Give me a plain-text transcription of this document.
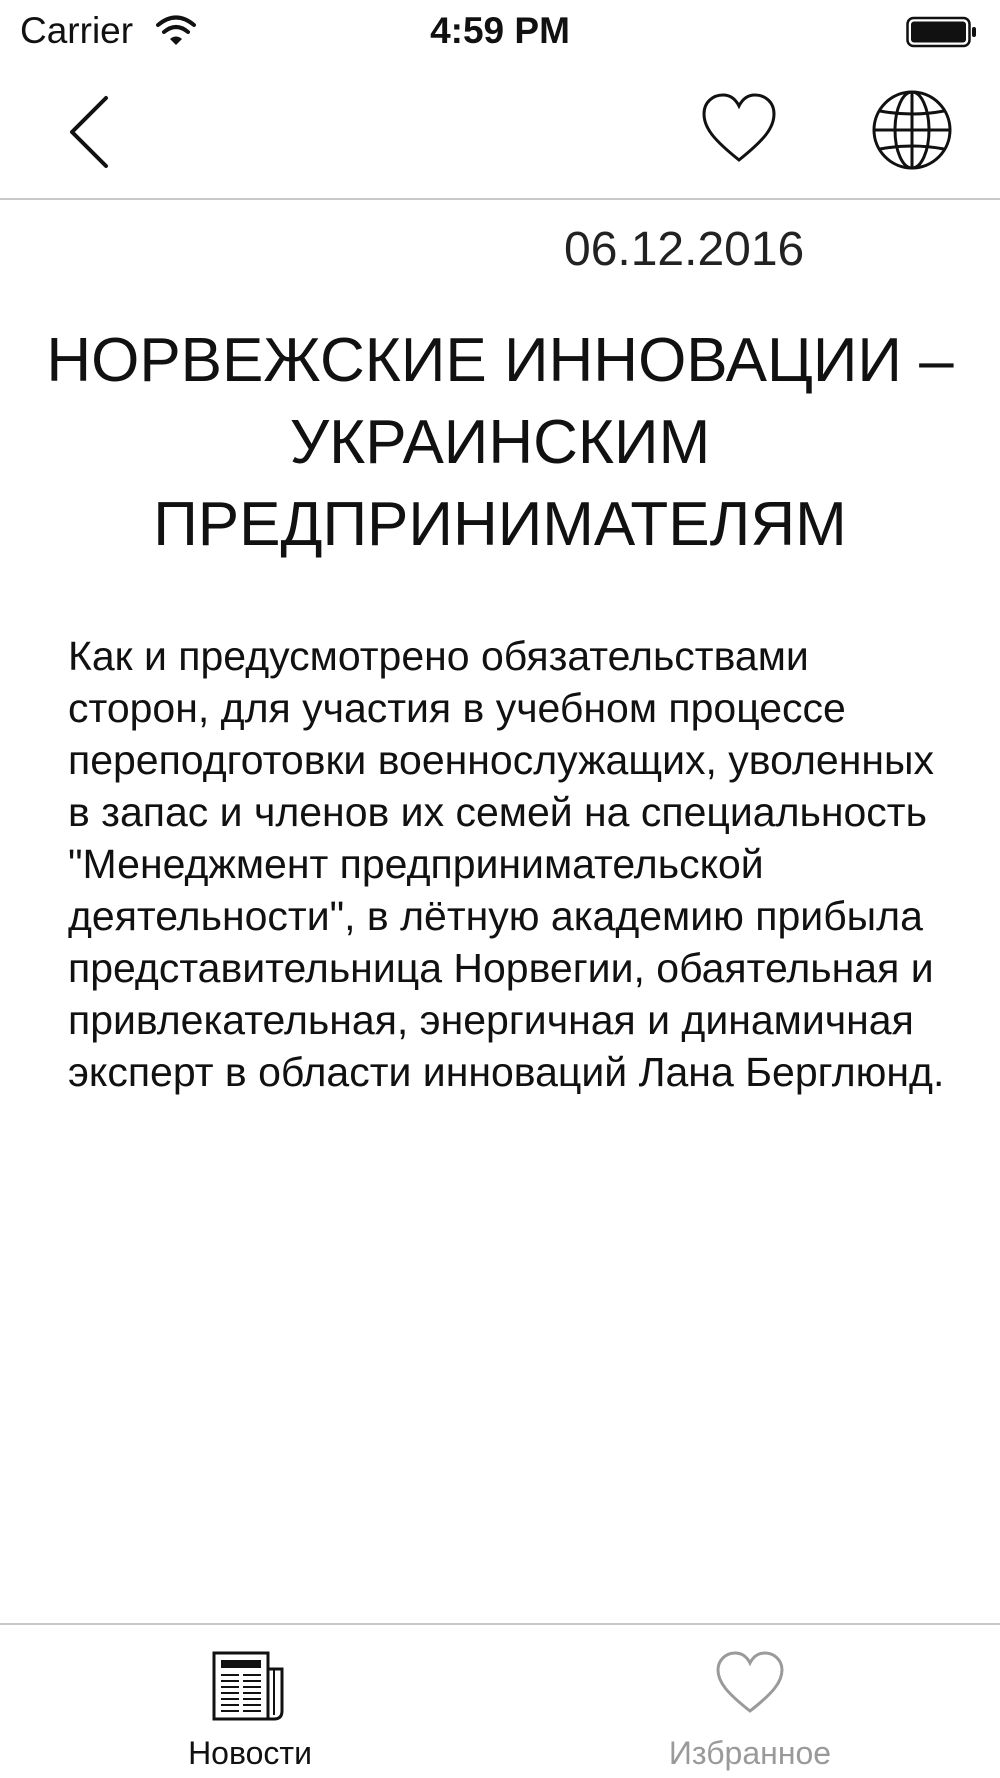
Carrier	4:59 PM
06.12.2016
НОРВЕЖСКИЕ ИННОВАЦИИ – УКРАИНСКИМ ПРЕДПРИНИМАТЕЛЯМ

Как и предусмотрено обязательствами сторон, для участия в учебном процессе переподготовки военнослужащих, уволенных в запас и членов их семей на специальность "Менеджмент предпринимательской деятельности", в лётную академию прибыла представительница Норвегии, обаятельная и привлекательная, энергичная и динамичная эксперт в области инноваций Лана Берглюнд.

Новости	Избранное
